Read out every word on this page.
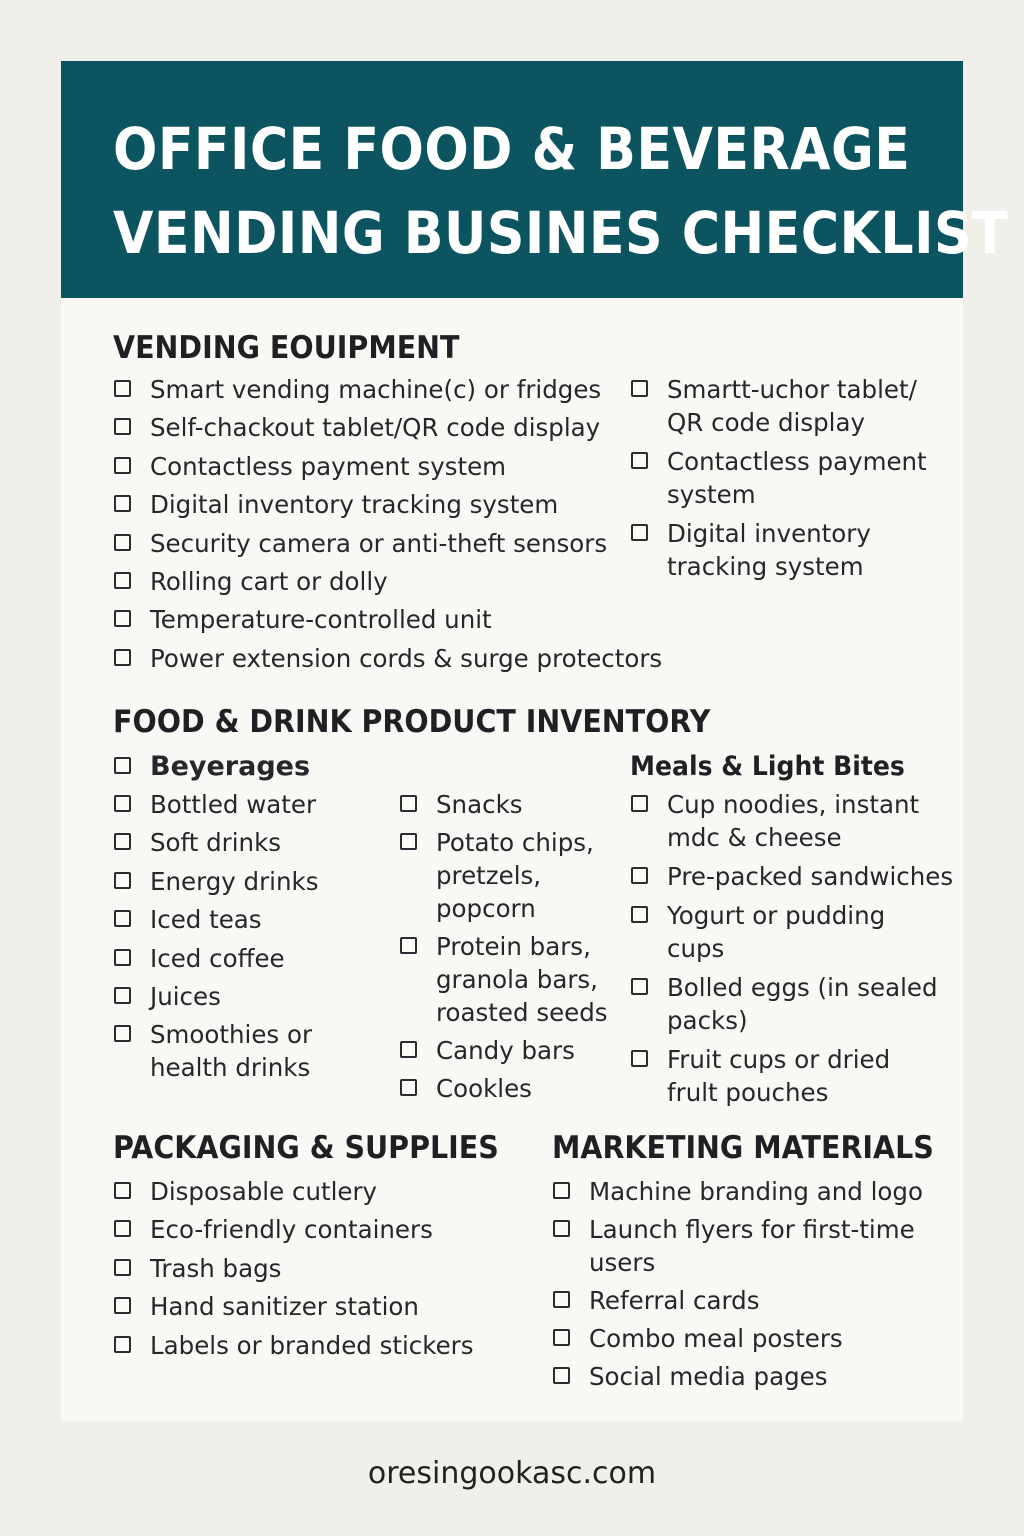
OFFICE FOOD & BEVERAGE
VENDING BUSINES CHECKLIST
VENDING EOUIPMENT
Smart vending machine(c) or fridges
Self-chackout tablet/QR code display
Contactless payment system
Digital inventory tracking system
Security camera or anti-theft sensors
Rolling cart or dolly
Temperature-controlled unit
Power extension cords & surge protectors
Smartt-uchor tablet/
QR code display
Contactless payment
system
Digital inventory
tracking system
FOOD & DRINK PRODUCT INVENTORY
Beyerages
Bottled water
Soft drinks
Energy drinks
Iced teas
Iced coffee
Juices
Smoothies or
health drinks
Snacks
Potato chips,
pretzels,
popcorn
Protein bars,
granola bars,
roasted seeds
Candy bars
Cookles
Meals & Light Bites
Cup noodies, instant
mdc & cheese
Pre-packed sandwiches
Yogurt or pudding
cups
Bolled eggs (in sealed
packs)
Fruit cups or dried
frult pouches
PACKAGING & SUPPLIES
Disposable cutlery
Eco-friendly containers
Trash bags
Hand sanitizer station
Labels or branded stickers
MARKETING MATERIALS
Machine branding and logo
Launch flyers for first-time
users
Referral cards
Combo meal posters
Social media pages
oresingookasc.com
